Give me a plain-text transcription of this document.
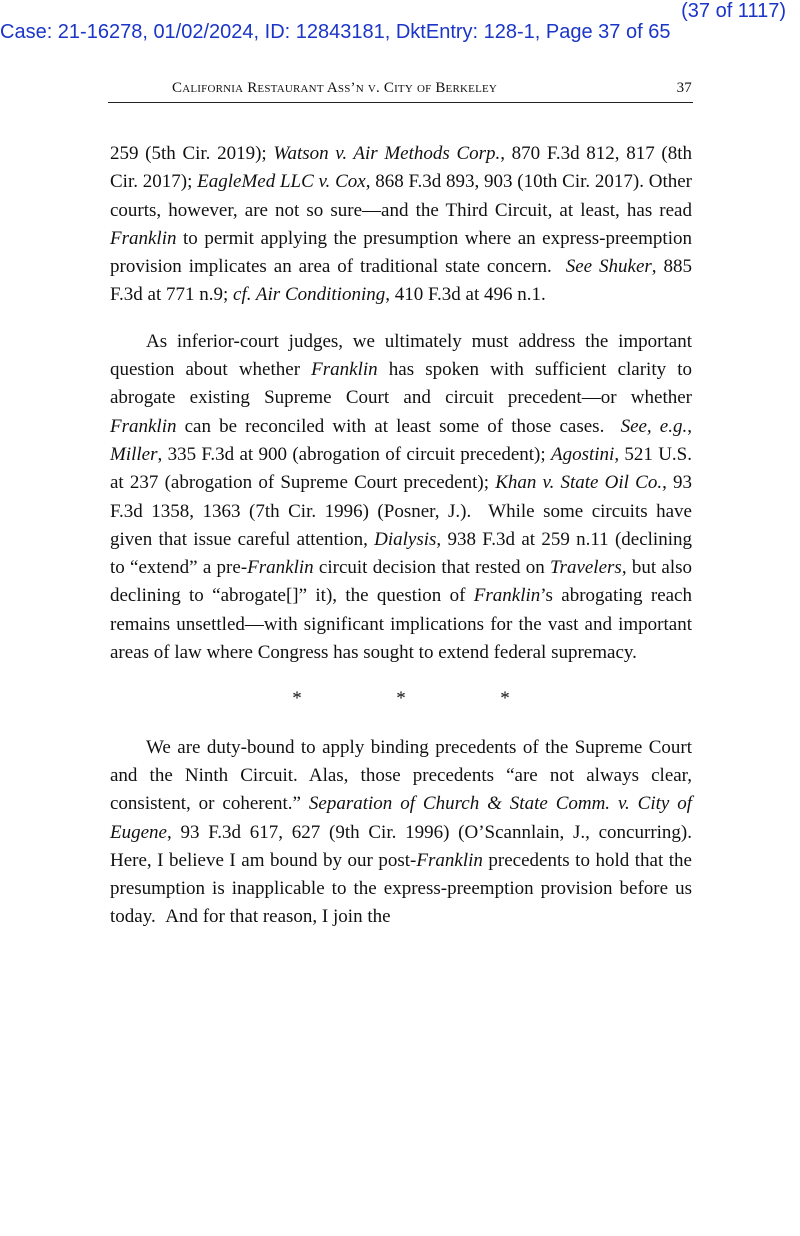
(37 of 1117)
Case: 21-16278, 01/02/2024, ID: 12843181, DktEntry: 128-1, Page 37 of 65
California Restaurant Ass’n v. City of Berkeley	37

259 (5th Cir. 2019); Watson v. Air Methods Corp., 870 F.3d 812, 817 (8th Cir. 2017); EagleMed LLC v. Cox, 868 F.3d 893, 903 (10th Cir. 2017). Other courts, however, are not so sure—and the Third Circuit, at least, has read Franklin to permit applying the presumption where an express-preemption provision implicates an area of traditional state concern.  See Shuker, 885 F.3d at 771 n.9; cf. Air Conditioning, 410 F.3d at 496 n.1.

As inferior-court judges, we ultimately must address the important question about whether Franklin has spoken with sufficient clarity to abrogate existing Supreme Court and circuit precedent—or whether Franklin can be reconciled with at least some of those cases.  See, e.g., Miller, 335 F.3d at 900 (abrogation of circuit precedent); Agostini, 521 U.S. at 237 (abrogation of Supreme Court precedent); Khan v. State Oil Co., 93 F.3d 1358, 1363 (7th Cir. 1996) (Posner, J.).  While some circuits have given that issue careful attention, Dialysis, 938 F.3d at 259 n.11 (declining to “extend” a pre-Franklin circuit decision that rested on Travelers, but also declining to “abrogate[]” it), the question of Franklin’s abrogating reach remains unsettled—with significant implications for the vast and important areas of law where Congress has sought to extend federal supremacy.

*	*	*

We are duty-bound to apply binding precedents of the Supreme Court and the Ninth Circuit. Alas, those precedents “are not always clear, consistent, or coherent.” Separation of Church & State Comm. v. City of Eugene, 93 F.3d 617, 627 (9th Cir. 1996) (O’Scannlain, J., concurring). Here, I believe I am bound by our post-Franklin precedents to hold that the presumption is inapplicable to the express-preemption provision before us today.  And for that reason, I join the
